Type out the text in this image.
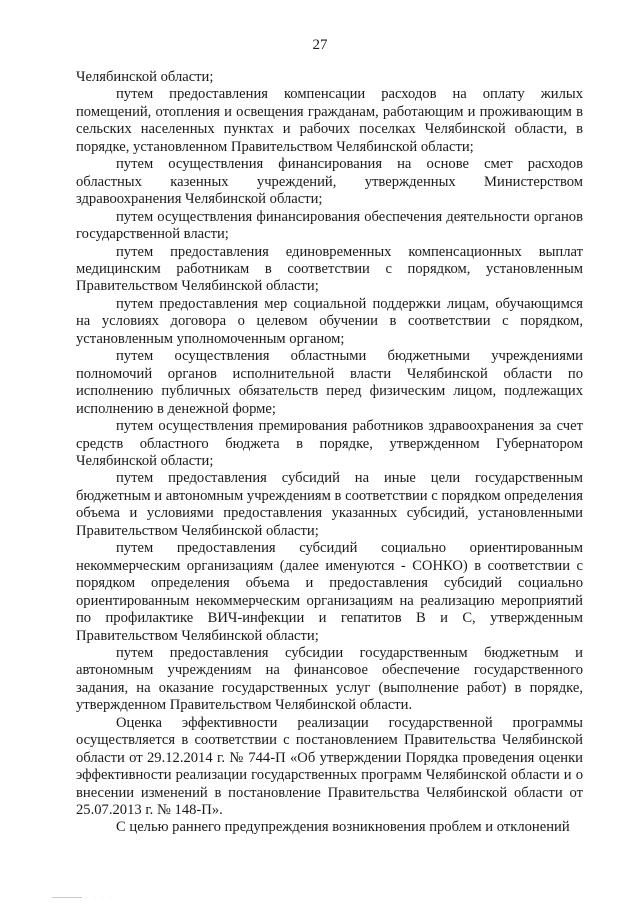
27

Челябинской области;

путем предоставления компенсации расходов на оплату жилых помещений, отопления и освещения гражданам, работающим и проживающим в сельских населенных пунктах и рабочих поселках Челябинской области, в порядке, установленном Правительством Челябинской области;

путем осуществления финансирования на основе смет расходов областных казенных учреждений, утвержденных Министерством здравоохранения Челябинской области;

путем осуществления финансирования обеспечения деятельности органов государственной власти;

путем предоставления единовременных компенсационных выплат медицинским работникам в соответствии с порядком, установленным Правительством Челябинской области;

путем предоставления мер социальной поддержки лицам, обучающимся на условиях договора о целевом обучении в соответствии с порядком, установленным уполномоченным органом;

путем осуществления областными бюджетными учреждениями полномочий органов исполнительной власти Челябинской области по исполнению публичных обязательств перед физическим лицом, подлежащих исполнению в денежной форме;

путем осуществления премирования работников здравоохранения за счет средств областного бюджета в порядке, утвержденном Губернатором Челябинской области;

путем предоставления субсидий на иные цели государственным бюджетным и автономным учреждениям в соответствии с порядком определения объема и условиями предоставления указанных субсидий, установленными Правительством Челябинской области;

путем предоставления субсидий социально ориентированным некоммерческим организациям (далее именуются - СОНКО) в соответствии с порядком определения объема и предоставления субсидий социально ориентированным некоммерческим организациям на реализацию мероприятий по профилактике ВИЧ-инфекции и гепатитов В и С, утвержденным Правительством Челябинской области;

путем предоставления субсидии государственным бюджетным и автономным учреждениям на финансовое обеспечение государственного задания, на оказание государственных услуг (выполнение работ) в порядке, утвержденном Правительством Челябинской области.

Оценка эффективности реализации государственной программы осуществляется в соответствии с постановлением Правительства Челябинской области от 29.12.2014 г. № 744-П «Об утверждении Порядка проведения оценки эффективности реализации государственных программ Челябинской области и о внесении изменений в постановление Правительства Челябинской области от 25.07.2013 г. № 148-П».

С целью раннего предупреждения возникновения проблем и отклонений

· · · ·
